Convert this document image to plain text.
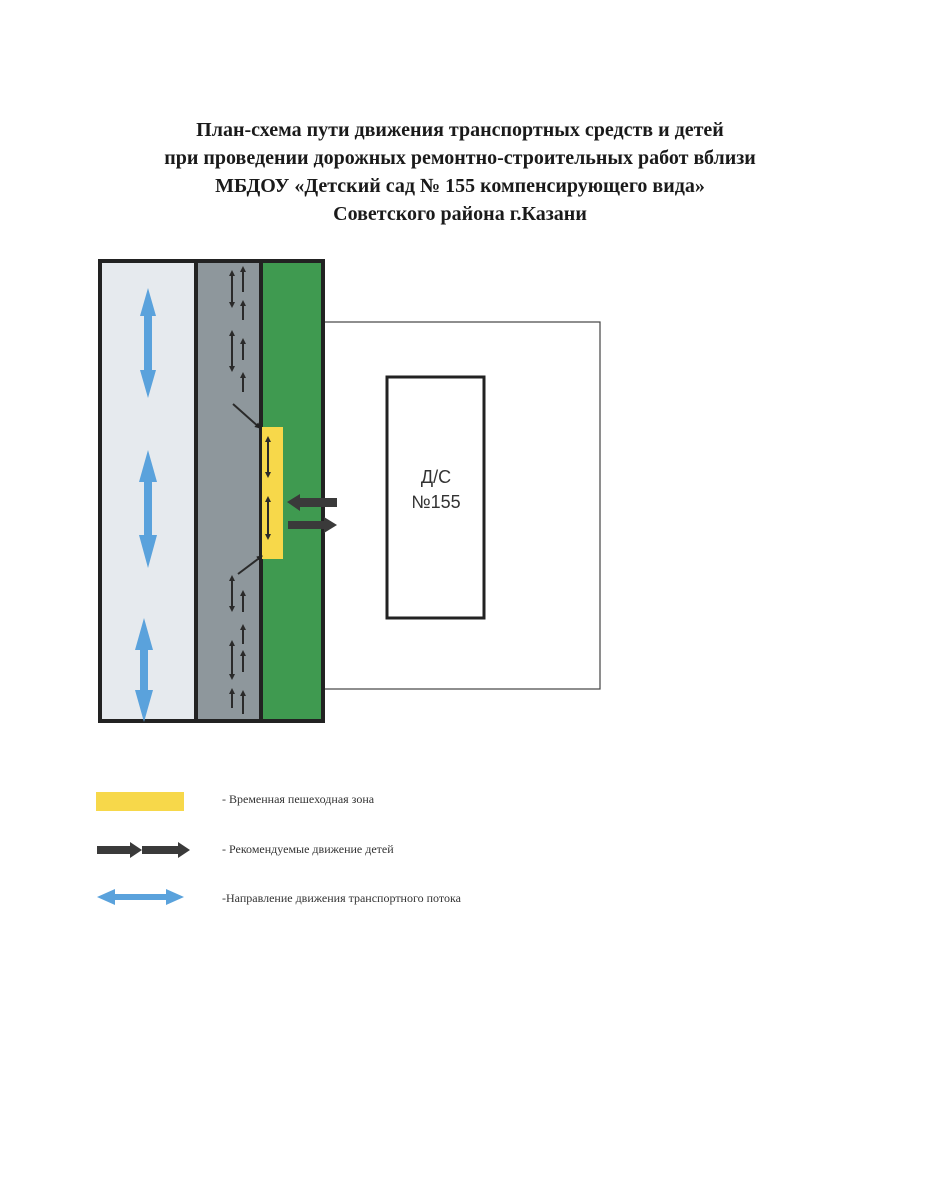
План-схема пути движения транспортных средств и детей
при проведении дорожных ремонтно-строительных работ вблизи
МБДОУ «Детский сад № 155 компенсирующего вида»
Советского района г.Казани
Д/С
№155
- Временная пешеходная зона
- Рекомендуемые движение детей
-Направление движения транспортного потока
